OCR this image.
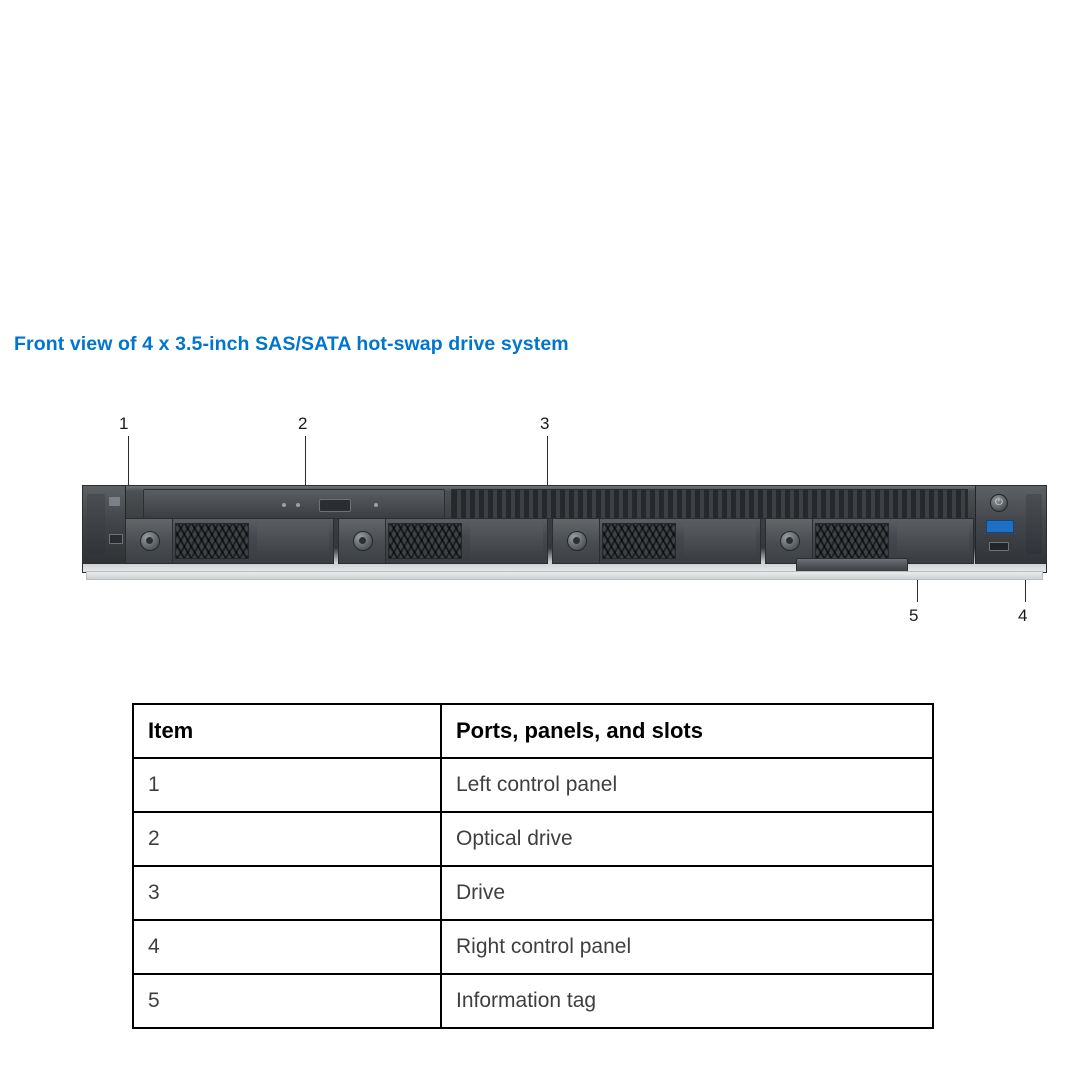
Front view of 4 x 3.5-inch SAS/SATA hot-swap drive system
1	2	3
5	4
⏻
Item	Ports, panels, and slots
1	Left control panel
2	Optical drive
3	Drive
4	Right control panel
5	Information tag
